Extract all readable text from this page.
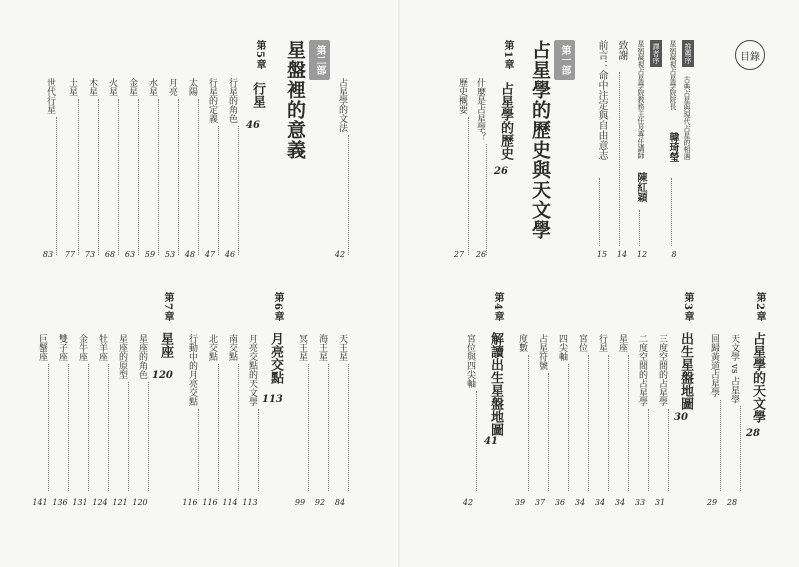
目錄
推薦序
古典占星與現代占星的相遇
星宿凝視占星學院院長
韓琦瑩
8
譯者序
星宿凝視占星學院教務主任及專任講師
陳紅穎
12
致謝
14
前言：命中注定與自由意志
15
第一部
占星學的歷史與天文學
第1章
占星學的歷史
26
什麼是占星學？
26
歷史概要
27
占星學的文法
42
第二部
星盤裡的意義
第5章
行星
46
行星的角色
46
行星的定義
47
太陽
48
月亮
53
水星
59
金星
63
火星
68
木星
73
土星
77
世代行星
83
第2章
占星學的天文學
28
天文學 vs 占星學
28
回歸黃道占星學
29
第3章
出生星盤地圖
30
三度空間的占星學
31
二度空間的占星學
33
星座
34
行星
34
宮位
34
四尖軸
36
占星符號
37
度數
39
第4章
解讀出生星盤地圖
41
宮位與四尖軸
42
天王星
84
海王星
92
冥王星
99
第6章
月亮交點
113
月亮交點的天文學
113
南交點
114
北交點
116
行動中的月亮交點
116
第7章
星座
120
星座的角色
120
星座的原型
121
牡羊座
124
金牛座
131
雙子座
136
巨蟹座
141
